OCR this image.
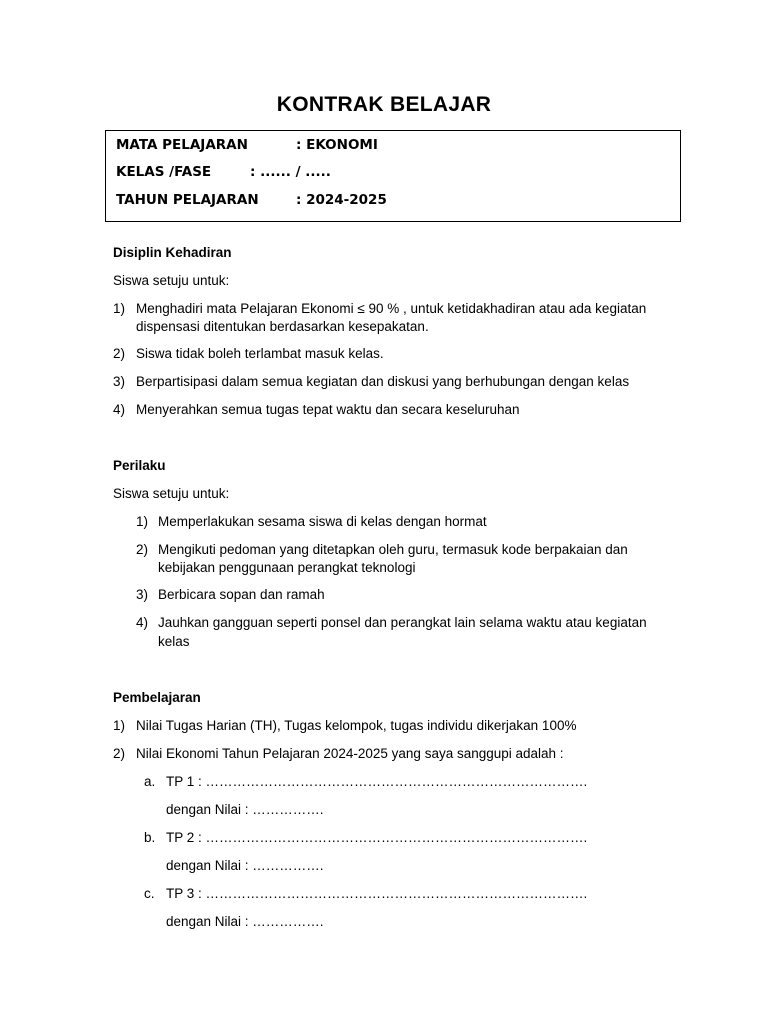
KONTRAK BELAJAR
MATA PELAJARAN	: EKONOMI
KELAS /FASE	: ...... / .....
TAHUN PELAJARAN	: 2024-2025
Disiplin Kehadiran
Siswa setuju untuk:
1) Menghadiri mata Pelajaran Ekonomi ≤ 90 % , untuk ketidakhadiran atau ada kegiatan
dispensasi ditentukan berdasarkan kesepakatan.
2) Siswa tidak boleh terlambat masuk kelas.
3) Berpartisipasi dalam semua kegiatan dan diskusi yang berhubungan dengan kelas
4) Menyerahkan semua tugas tepat waktu dan secara keseluruhan
Perilaku
Siswa setuju untuk:
1) Memperlakukan sesama siswa di kelas dengan hormat
2) Mengikuti pedoman yang ditetapkan oleh guru, termasuk kode berpakaian dan
kebijakan penggunaan perangkat teknologi
3) Berbicara sopan dan ramah
4) Jauhkan gangguan seperti ponsel dan perangkat lain selama waktu atau kegiatan
kelas
Pembelajaran
1) Nilai Tugas Harian (TH), Tugas kelompok, tugas individu dikerjakan 100%
2) Nilai Ekonomi Tahun Pelajaran 2024-2025 yang saya sanggupi adalah :
a. TP 1 : ………………………………………………………………………….
dengan Nilai : …………….
b. TP 2 : ………………………………………………………………………….
dengan Nilai : …………….
c. TP 3 : ………………………………………………………………………….
dengan Nilai : …………….
